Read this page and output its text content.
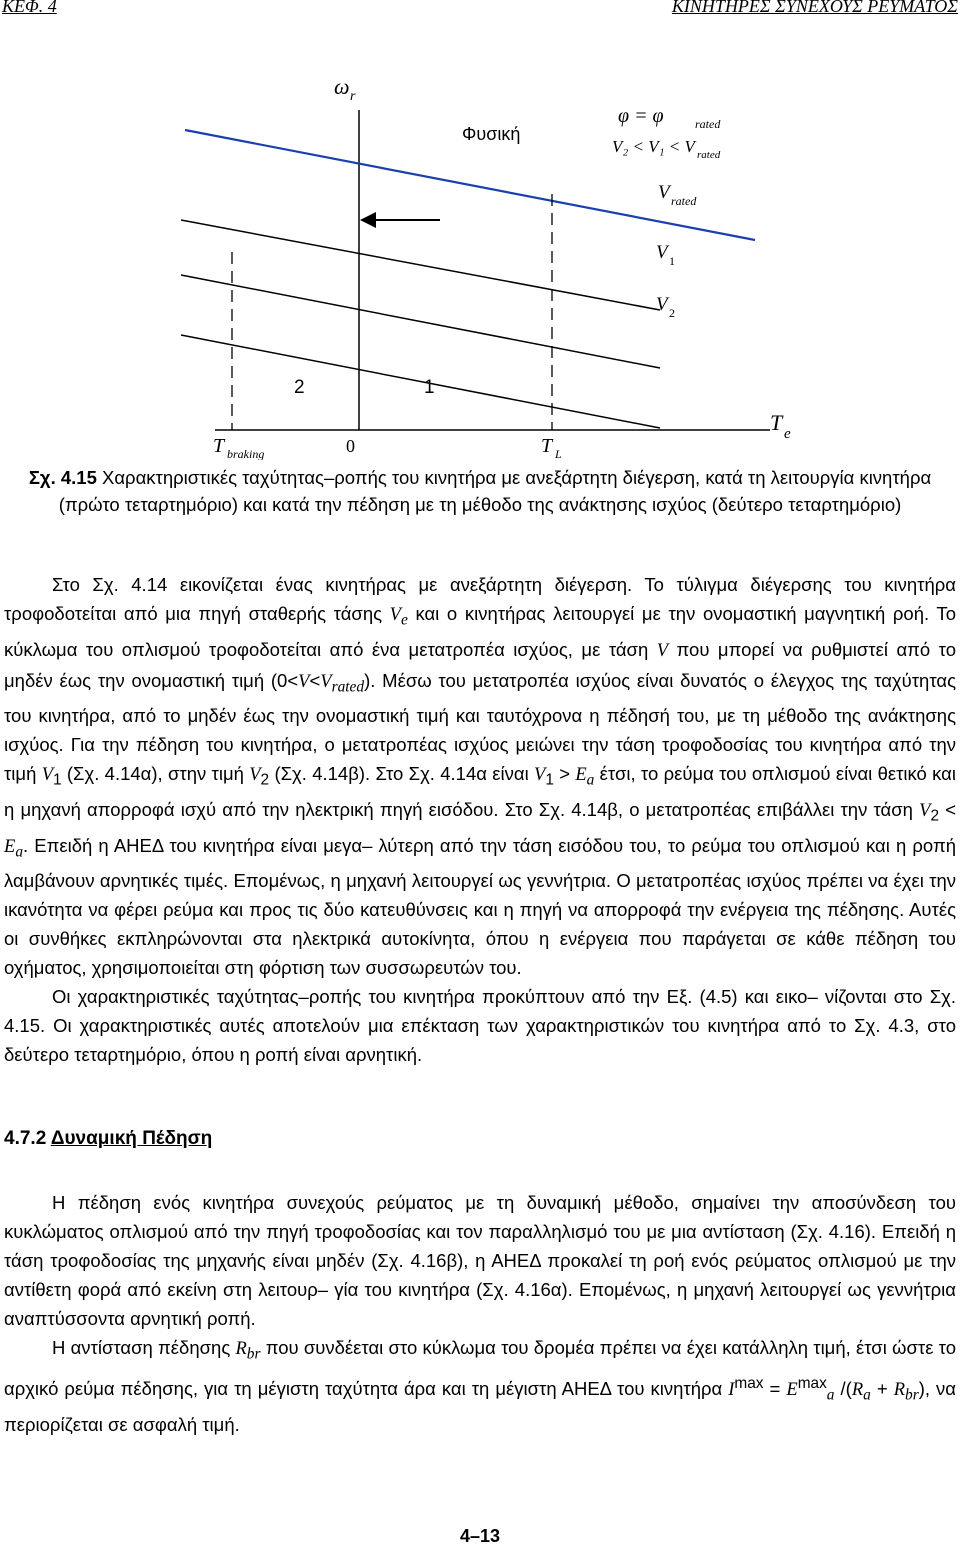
ΚΕΦ. 4	ΚΙΝΗΤΗΡΕΣ ΣΥΝΕΧΟΥΣ ΡΕΥΜΑΤΟΣ
ω r
T e
Φυσική
φ = φ	rated
V₂ < V₁ < V rated
V rated
V 1
V 2
2	1
0
T braking	T L
Σχ. 4.15 Χαρακτηριστικές ταχύτητας–ροπής του κινητήρα με ανεξάρτητη διέγερση, κατά τη λειτουργία κινητήρα (πρώτο τεταρτημόριο) και κατά την πέδηση με τη μέθοδο της ανάκτησης ισχύος (δεύτερο τεταρτημόριο)

Στο Σχ. 4.14 εικονίζεται ένας κινητήρας με ανεξάρτητη διέγερση. Το τύλιγμα διέγερσης του κινητήρα τροφοδοτείται από μια πηγή σταθερής τάσης $V_e$ και ο κινητήρας λειτουργεί με την ονομαστική μαγνητική ροή. Το κύκλωμα του οπλισμού τροφοδοτείται από ένα μετατροπέα ισχύος, με τάση V που μπορεί να ρυθμιστεί από το μηδέν έως την ονομαστική τιμή $(0<V<V_{rated})$. Μέσω του μετατροπέα ισχύος είναι δυνατός ο έλεγχος της ταχύτητας του κινητήρα, από το μηδέν έως την ονομαστική τιμή και ταυτόχρονα η πέδησή του, με τη μέθοδο της ανάκτησης ισχύος. Για την πέδηση του κινητήρα, ο μετατροπέας ισχύος μειώνει την τάση τροφοδοσίας του κινητήρα από την τιμή $V_1$ (Σχ. 4.14α), στην τιμή $V_2$ (Σχ. 4.14β). Στο Σχ. 4.14α είναι $V_1 > E_a$ έτσι, το ρεύμα του οπλισμού είναι θετικό και η μηχανή απορροφά ισχύ από την ηλεκτρική πηγή εισόδου. Στο Σχ. 4.14β, ο μετατροπέας επιβάλλει την τάση $V_2 < E_a$. Επειδή η ΑΗΕΔ του κινητήρα είναι μεγα– λύτερη από την τάση εισόδου του, το ρεύμα του οπλισμού και η ροπή λαμβάνουν αρνητικές τιμές. Επομένως, η μηχανή λειτουργεί ως γεννήτρια. Ο μετατροπέας ισχύος πρέπει να έχει την ικανότητα να φέρει ρεύμα και προς τις δύο κατευθύνσεις και η πηγή να απορροφά την ενέργεια της πέδησης. Αυτές οι συνθήκες εκπληρώνονται στα ηλεκτρικά αυτοκίνητα, όπου η ενέργεια που παράγεται σε κάθε πέδηση του οχήματος, χρησιμοποιείται στη φόρτιση των συσσωρευτών του.

Οι χαρακτηριστικές ταχύτητας–ροπής του κινητήρα προκύπτουν από την Εξ. (4.5) και εικο– νίζονται στο Σχ. 4.15. Οι χαρακτηριστικές αυτές αποτελούν μια επέκταση των χαρακτηριστικών του κινητήρα από το Σχ. 4.3, στο δεύτερο τεταρτημόριο, όπου η ροπή είναι αρνητική.

4.7.2 Δυναμική Πέδηση

Η πέδηση ενός κινητήρα συνεχούς ρεύματος με τη δυναμική μέθοδο, σημαίνει την αποσύνδεση του κυκλώματος οπλισμού από την πηγή τροφοδοσίας και τον παραλληλισμό του με μια αντίσταση (Σχ. 4.16). Επειδή η τάση τροφοδοσίας της μηχανής είναι μηδέν (Σχ. 4.16β), η ΑΗΕΔ προκαλεί τη ροή ενός ρεύματος οπλισμού με την αντίθετη φορά από εκείνη στη λειτουρ– γία του κινητήρα (Σχ. 4.16α). Επομένως, η μηχανή λειτουργεί ως γεννήτρια αναπτύσσοντα αρνητική ροπή.

Η αντίσταση πέδησης $R_{br}$ που συνδέεται στο κύκλωμα του δρομέα πρέπει να έχει κατάλληλη τιμή, έτσι ώστε το αρχικό ρεύμα πέδησης, για τη μέγιστη ταχύτητα άρα και τη μέγιστη ΑΗΕΔ του κινητήρα $I^{max} = E^{max}_a$ $/(R_a + R_{br})$, να περιορίζεται σε ασφαλή τιμή.

4–13
